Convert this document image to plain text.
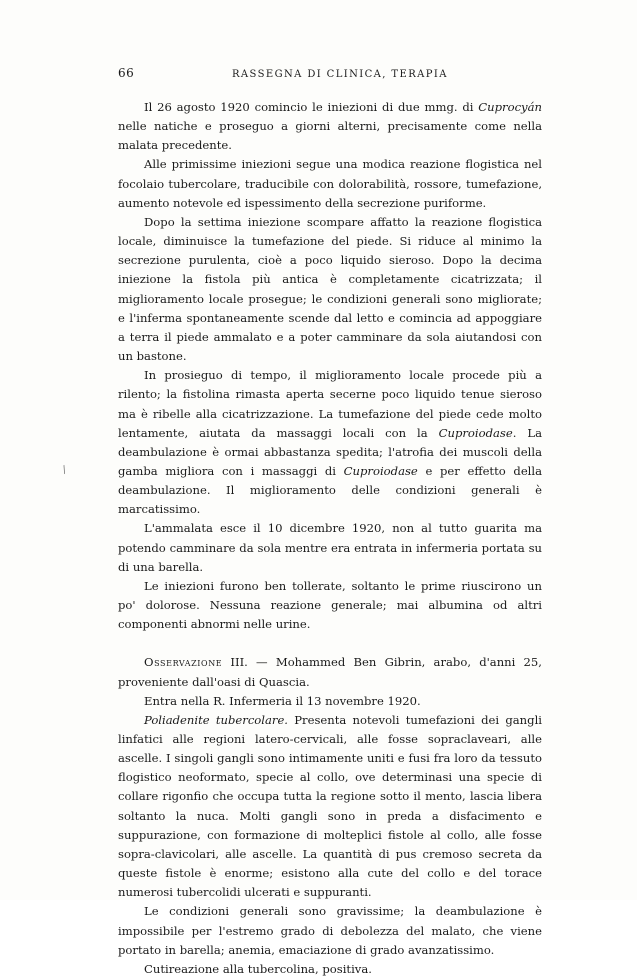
66	RASSEGNA DI CLINICA, TERAPIA
⁄

Il 26 agosto 1920 comincio le iniezioni di due mmg. di Cuprocyán nelle natiche e proseguo a giorni alterni, precisamente come nella malata precedente.

Alle primissime iniezioni segue una modica reazione flogistica nel focolaio tubercolare, traducibile con dolorabilità, rossore, tumefazione, aumento notevole ed ispessimento della secrezione puriforme.

Dopo la settima iniezione scompare affatto la reazione flogistica locale, diminuisce la tumefazione del piede. Si riduce al minimo la secrezione purulenta, cioè a poco liquido sieroso. Dopo la decima iniezione la fistola più antica è completamente cicatrizzata; il miglioramento locale prosegue; le condizioni generali sono migliorate; e l'inferma spontaneamente scende dal letto e comincia ad appoggiare a terra il piede ammalato e a poter camminare da sola aiutandosi con un bastone.

In prosieguo di tempo, il miglioramento locale procede più a rilento; la fistolina rimasta aperta secerne poco liquido tenue sieroso ma è ribelle alla cicatrizzazione. La tumefazione del piede cede molto lentamente, aiutata da massaggi locali con la Cuproiodase. La deambulazione è ormai abbastanza spedita; l'atrofia dei muscoli della gamba migliora con i massaggi di Cuproiodase e per effetto della deambulazione. Il miglioramento delle condizioni generali è marcatissimo.

L'ammalata esce il 10 dicembre 1920, non al tutto guarita ma potendo camminare da sola mentre era entrata in infermeria portata su di una barella.

Le iniezioni furono ben tollerate, soltanto le prime riuscirono un po' dolorose. Nessuna reazione generale; mai albumina od altri componenti abnormi nelle urine.

Osservazione III. — Mohammed Ben Gibrin, arabo, d'anni 25, proveniente dall'oasi di Quascia.

Entra nella R. Infermeria il 13 novembre 1920.

Poliadenite tubercolare. Presenta notevoli tumefazioni dei gangli linfatici alle regioni latero-cervicali, alle fosse sopraclaveari, alle ascelle. I singoli gangli sono intimamente uniti e fusi fra loro da tessuto flogistico neoformato, specie al collo, ove determinasi una specie di collare rigonfio che occupa tutta la regione sotto il mento, lascia libera soltanto la nuca. Molti gangli sono in preda a disfacimento e suppurazione, con formazione di molteplici fistole al collo, alle fosse sopra-clavicolari, alle ascelle. La quantità di pus cremoso secreta da queste fistole è enorme; esistono alla cute del collo e del torace numerosi tubercolidi ulcerati e suppuranti.

Le condizioni generali sono gravissime; la deambulazione è impossibile per l'estremo grado di debolezza del malato, che viene portato in barella; anemia, emaciazione di grado avanzatissimo.

Cutireazione alla tubercolina, positiva.
